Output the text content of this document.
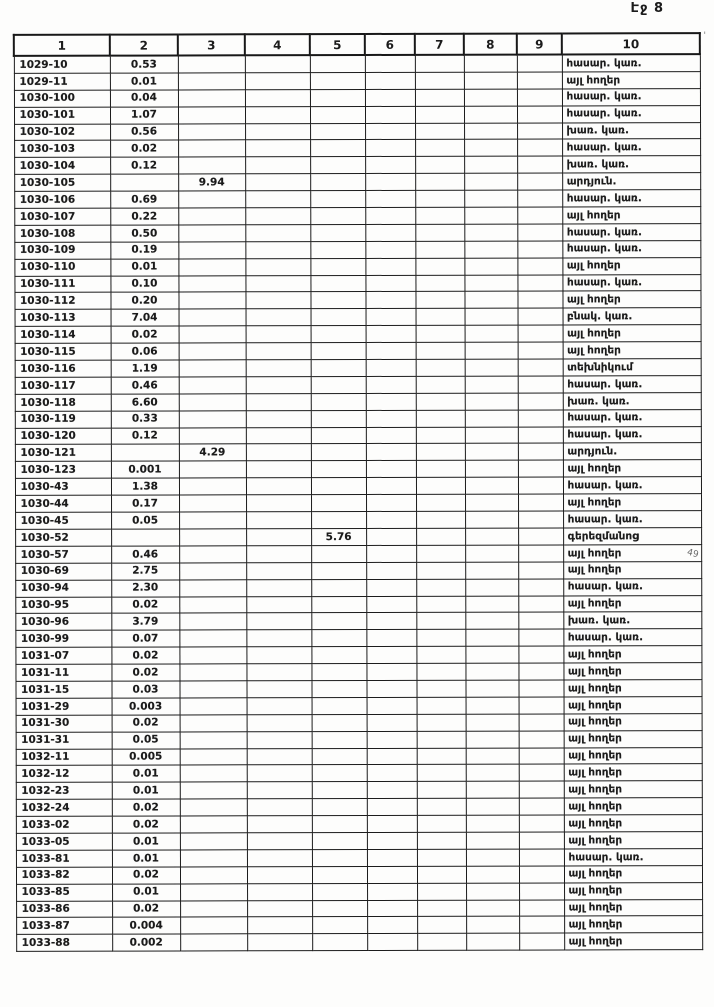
Էջ 8
'
1	2	3	4	5	6	7	8	9	10
1029-10	0.53								հասար. կառ.
1029-11	0.01								այլ հողեր
1030-100	0.04								հասար. կառ.
1030-101	1.07								հասար. կառ.
1030-102	0.56								խառ. կառ.
1030-103	0.02								հասար. կառ.
1030-104	0.12								խառ. կառ.
1030-105		9.94							արդյուն.
1030-106	0.69								հասար. կառ.
1030-107	0.22								այլ հողեր
1030-108	0.50								հասար. կառ.
1030-109	0.19								հասար. կառ.
1030-110	0.01								այլ հողեր
1030-111	0.10								հասար. կառ.
1030-112	0.20								այլ հողեր
1030-113	7.04								բնակ. կառ.
1030-114	0.02								այլ հողեր
1030-115	0.06								այլ հողեր
1030-116	1.19								տեխնիկում
1030-117	0.46								հասար. կառ.
1030-118	6.60								խառ. կառ.
1030-119	0.33								հասար. կառ.
1030-120	0.12								հասար. կառ.
1030-121		4.29							արդյուն.
1030-123	0.001								այլ հողեր
1030-43	1.38								հասար. կառ.
1030-44	0.17								այլ հողեր
1030-45	0.05								հասար. կառ.
1030-52				5.76					գերեզմանոց
1030-57	0.46								այլ հողեր
1030-69	2.75								այլ հողեր
1030-94	2.30								հասար. կառ.
1030-95	0.02								այլ հողեր
1030-96	3.79								խառ. կառ.
1030-99	0.07								հասար. կառ.
1031-07	0.02								այլ հողեր
1031-11	0.02								այլ հողեր
1031-15	0.03								այլ հողեր
1031-29	0.003								այլ հողեր
1031-30	0.02								այլ հողեր
1031-31	0.05								այլ հողեր
1032-11	0.005								այլ հողեր
1032-12	0.01								այլ հողեր
1032-23	0.01								այլ հողեր
1032-24	0.02								այլ հողեր
1033-02	0.02								այլ հողեր
1033-05	0.01								այլ հողեր
1033-81	0.01								հասար. կառ.
1033-82	0.02								այլ հողեր
1033-85	0.01								այլ հողեր
1033-86	0.02								այլ հողեր
1033-87	0.004								այլ հողեր
1033-88	0.002								այլ հողեր
49
